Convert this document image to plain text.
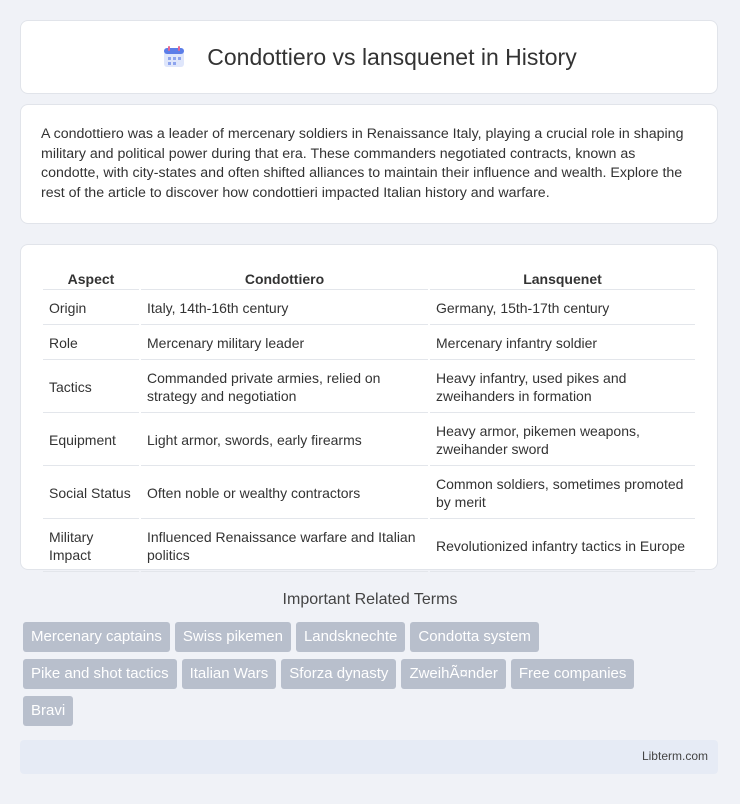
Condottiero vs lansquenet in History

A condottiero was a leader of mercenary soldiers in Renaissance Italy, playing a crucial role in shaping military and political power during that era. These commanders negotiated contracts, known as condotte, with city-states and often shifted alliances to maintain their influence and wealth. Explore the rest of the article to discover how condottieri impacted Italian history and warfare.

Aspect	Condottiero	Lansquenet
Origin	Italy, 14th-16th century	Germany, 15th-17th century
Role	Mercenary military leader	Mercenary infantry soldier
Tactics	Commanded private armies, relied on strategy and negotiation	Heavy infantry, used pikes and zweihanders in formation
Equipment	Light armor, swords, early firearms	Heavy armor, pikemen weapons, zweihander sword
Social Status	Often noble or wealthy contractors	Common soldiers, sometimes promoted by merit
Military Impact	Influenced Renaissance warfare and Italian politics	Revolutionized infantry tactics in Europe
Important Related Terms
Mercenary captains Swiss pikemen Landsknechte Condotta system
Pike and shot tactics Italian Wars Sforza dynasty ZweihÃ¤nder Free companies
Bravi
Libterm.com
